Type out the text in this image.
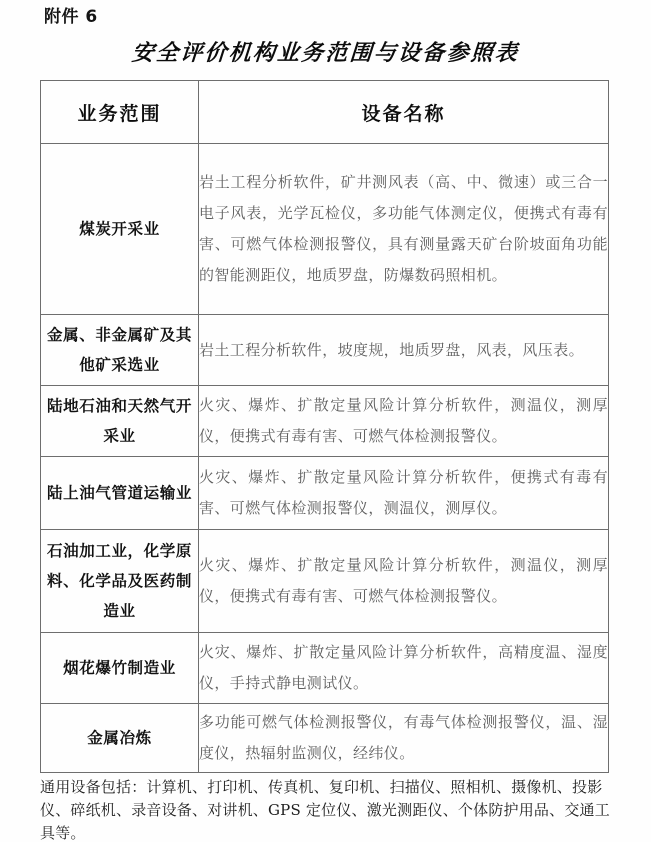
附件 6
安全评价机构业务范围与设备参照表
业务范围	设备名称
煤炭开采业	岩土工程分析软件，矿井测风表（高、中、微速）或三合一电子风表，光学瓦检仪，多功能气体测定仪，便携式有毒有害、可燃气体检测报警仪，具有测量露天矿台阶坡面角功能的智能测距仪，地质罗盘，防爆数码照相机。
金属、非金属矿及其他矿采选业	岩土工程分析软件，坡度规，地质罗盘，风表，风压表。
陆地石油和天然气开采业	火灾、爆炸、扩散定量风险计算分析软件，测温仪，测厚仪，便携式有毒有害、可燃气体检测报警仪。
陆上油气管道运输业	火灾、爆炸、扩散定量风险计算分析软件，便携式有毒有害、可燃气体检测报警仪，测温仪，测厚仪。
石油加工业，化学原料、化学品及医药制造业	火灾、爆炸、扩散定量风险计算分析软件，测温仪，测厚仪，便携式有毒有害、可燃气体检测报警仪。
烟花爆竹制造业	火灾、爆炸、扩散定量风险计算分析软件，高精度温、湿度仪，手持式静电测试仪。
金属冶炼	多功能可燃气体检测报警仪，有毒气体检测报警仪，温、湿度仪，热辐射监测仪，经纬仪。
通用设备包括：计算机、打印机、传真机、复印机、扫描仪、照相机、摄像机、投影仪、碎纸机、录音设备、对讲机、GPS 定位仪、激光测距仪、个体防护用品、交通工具等。
